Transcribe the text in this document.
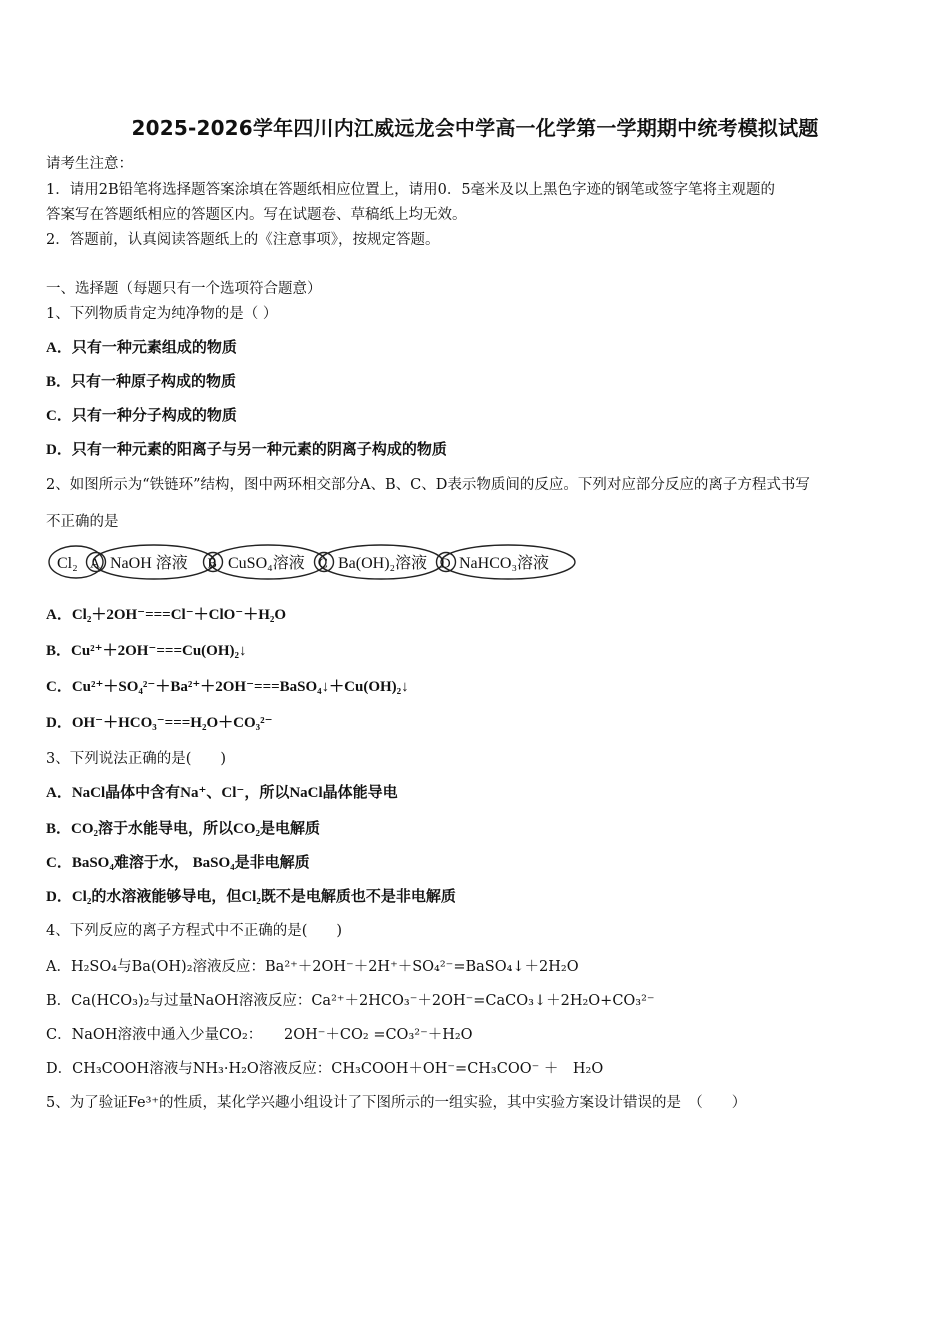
2025-2026学年四川内江威远龙会中学高一化学第一学期期中统考模拟试题
请考生注意：
1．请用2B铅笔将选择题答案涂填在答题纸相应位置上，请用0．5毫米及以上黑色字迹的钢笔或签字笔将主观题的
答案写在答题纸相应的答题区内。写在试题卷、草稿纸上均无效。
2．答题前，认真阅读答题纸上的《注意事项》，按规定答题。
一、选择题（每题只有一个选项符合题意）
1、下列物质肯定为纯净物的是（ ）
A．只有一种元素组成的物质
B．只有一种原子构成的物质
C．只有一种分子构成的物质
D．只有一种元素的阳离子与另一种元素的阴离子构成的物质
2、如图所示为“铁链环”结构，图中两环相交部分A、B、C、D表示物质间的反应。下列对应部分反应的离子方程式书写
不正确的是
Cl₂ A NaOH 溶液 B CuSO₄溶液 C Ba(OH)₂溶液 D NaHCO₃溶液
A．Cl₂＋2OH⁻===Cl⁻＋ClO⁻＋H₂O
B．Cu²⁺＋2OH⁻===Cu(OH)₂↓
C．Cu²⁺＋SO₄²⁻＋Ba²⁺＋2OH⁻===BaSO₄↓＋Cu(OH)₂↓
D．OH⁻＋HCO₃⁻===H₂O＋CO₃²⁻
3、下列说法正确的是(　　)
A．NaCl晶体中含有Na⁺、Cl⁻，所以NaCl晶体能导电
B．CO₂溶于水能导电，所以CO₂是电解质
C．BaSO₄难溶于水， BaSO₄是非电解质
D．Cl₂的水溶液能够导电，但Cl₂既不是电解质也不是非电解质
4、下列反应的离子方程式中不正确的是(　　)
A．H₂SO₄与Ba(OH)₂溶液反应：Ba²⁺＋2OH⁻＋2H⁺＋SO₄²⁻=BaSO₄↓＋2H₂O
B．Ca(HCO₃)₂与过量NaOH溶液反应：Ca²⁺＋2HCO₃⁻＋2OH⁻=CaCO₃↓＋2H₂O+CO₃²⁻
C．NaOH溶液中通入少量CO₂：　　2OH⁻＋CO₂ =CO₃²⁻＋H₂O
D．CH₃COOH溶液与NH₃·H₂O溶液反应：CH₃COOH＋OH⁻=CH₃COO⁻ ＋　H₂O
5、为了验证Fe³⁺的性质，某化学兴趣小组设计了下图所示的一组实验，其中实验方案设计错误的是　（　　）
